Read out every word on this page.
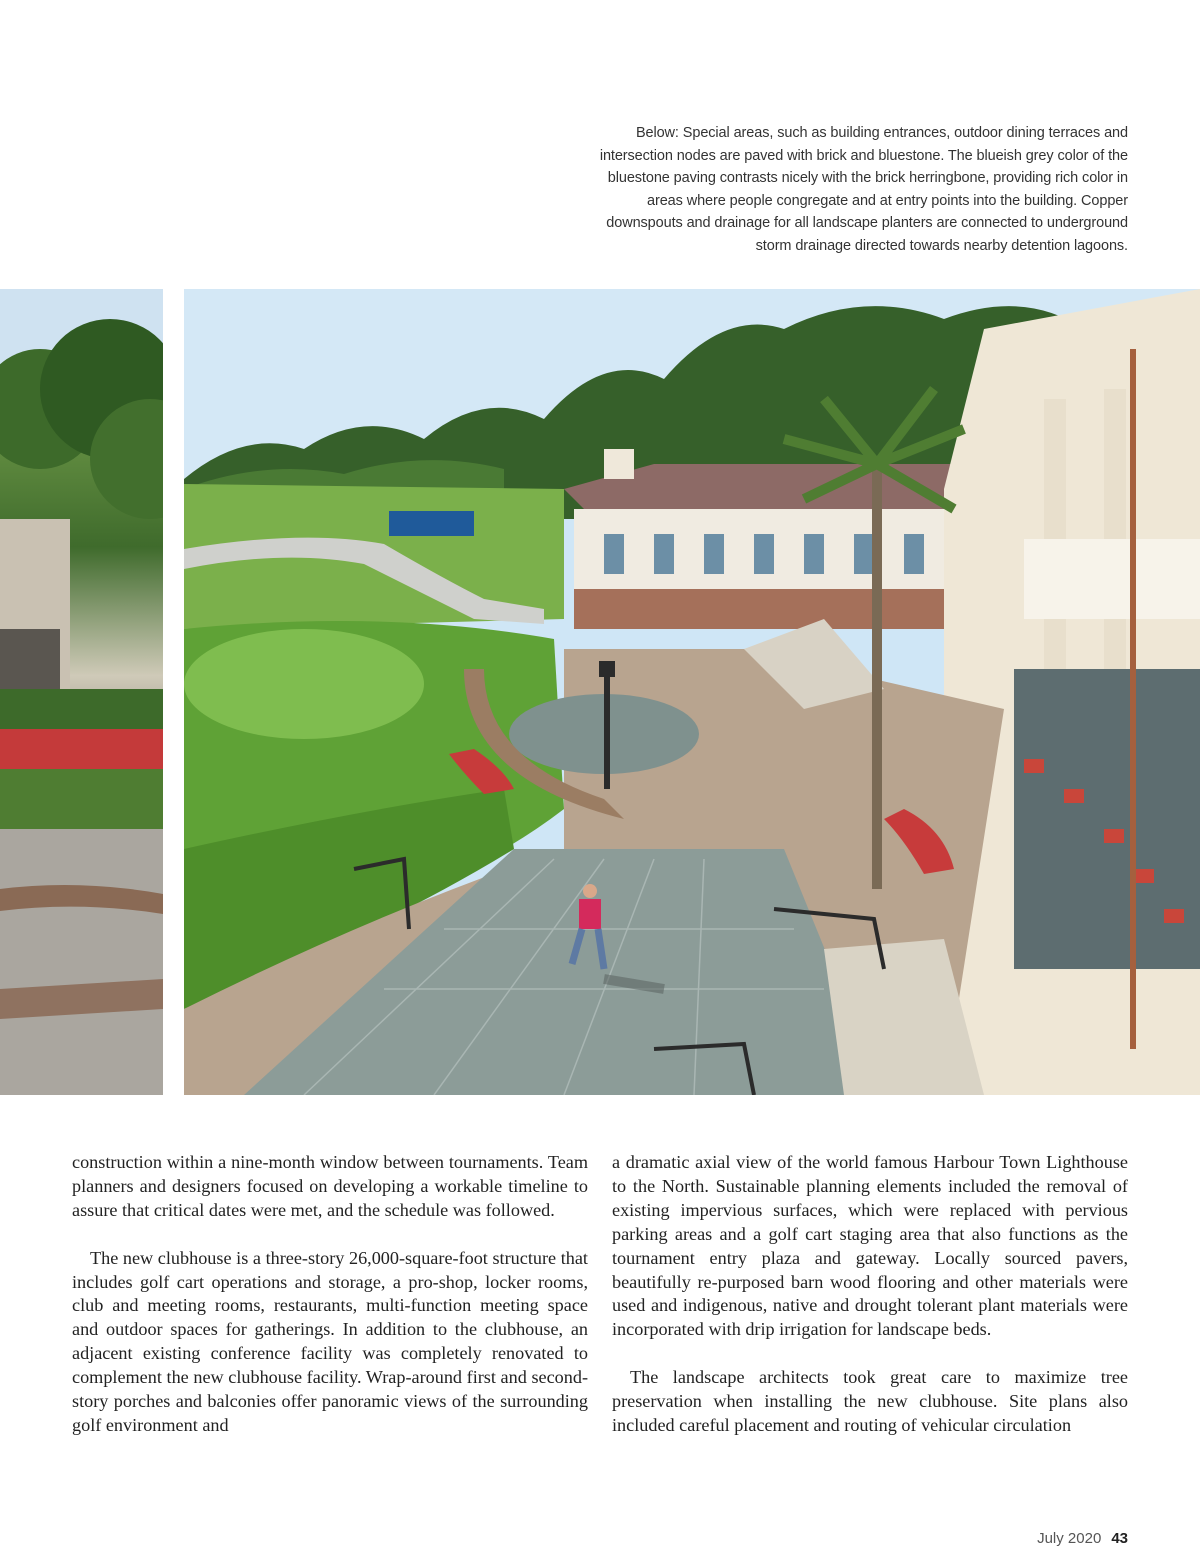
Below: Special areas, such as building entrances, outdoor dining terraces and intersection nodes are paved with brick and bluestone. The blueish grey color of the bluestone paving contrasts nicely with the brick herringbone, providing rich color in areas where people congregate and at entry points into the building. Copper downspouts and drainage for all landscape planters are connected to underground storm drainage directed towards nearby detention lagoons.

construction within a nine-month window between tournaments. Team planners and designers focused on developing a workable timeline to assure that critical dates were met, and the schedule was followed.

The new clubhouse is a three-story 26,000-square-foot structure that includes golf cart operations and storage, a pro-shop, locker rooms, club and meeting rooms, restaurants, multi-function meeting space and outdoor spaces for gatherings. In addition to the clubhouse, an adjacent existing conference facility was completely renovated to complement the new clubhouse facility. Wrap-around first and second-story porches and balconies offer panoramic views of the surrounding golf environment and

a dramatic axial view of the world famous Harbour Town Lighthouse to the North. Sustainable planning elements included the removal of existing impervious surfaces, which were replaced with pervious parking areas and a golf cart staging area that also functions as the tournament entry plaza and gateway. Locally sourced pavers, beautifully re-purposed barn wood flooring and other materials were used and indigenous, native and drought tolerant plant materials were incorporated with drip irrigation for landscape beds.

The landscape architects took great care to maximize tree preservation when installing the new clubhouse. Site plans also included careful placement and routing of vehicular circulation

July 2020 43
